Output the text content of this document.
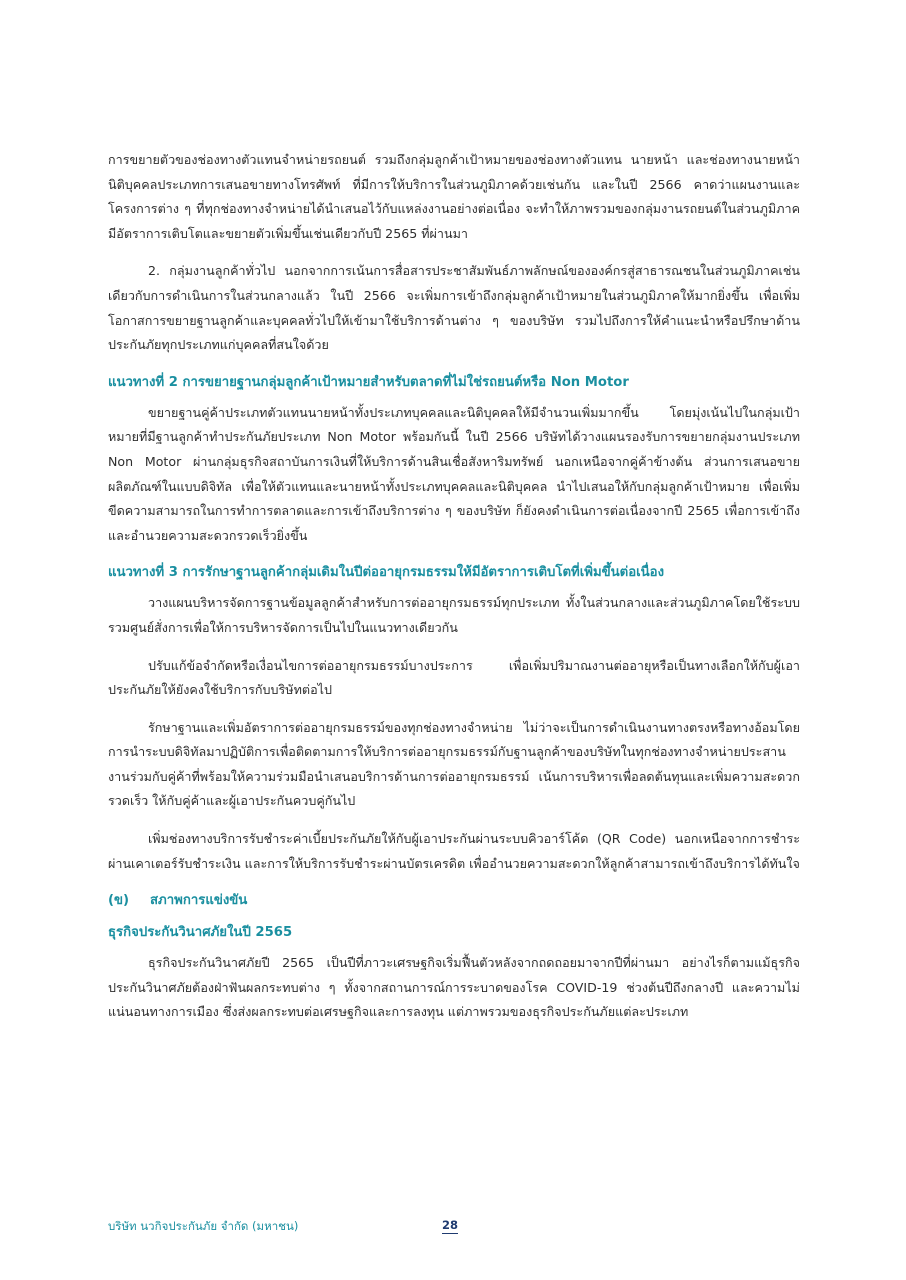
การขยายตัวของช่องทางตัวแทนจำหน่ายรถยนต์ รวมถึงกลุ่มลูกค้าเป้าหมายของช่องทางตัวแทน นายหน้า และช่องทางนายหน้านิติบุคคลประเภทการเสนอขายทางโทรศัพท์ ที่มีการให้บริการในส่วนภูมิภาคด้วยเช่นกัน และในปี 2566 คาดว่าแผนงานและโครงการต่าง ๆ ที่ทุกช่องทางจำหน่ายได้นำเสนอไว้กับแหล่งงานอย่างต่อเนื่อง จะทำให้ภาพรวมของกลุ่มงานรถยนต์ในส่วนภูมิภาค มีอัตราการเติบโตและขยายตัวเพิ่มขึ้นเช่นเดียวกับปี 2565 ที่ผ่านมา

2. กลุ่มงานลูกค้าทั่วไป นอกจากการเน้นการสื่อสารประชาสัมพันธ์ภาพลักษณ์ขององค์กรสู่สาธารณชนในส่วนภูมิภาคเช่นเดียวกับการดำเนินการในส่วนกลางแล้ว ในปี 2566 จะเพิ่มการเข้าถึงกลุ่มลูกค้าเป้าหมายในส่วนภูมิภาคให้มากยิ่งขึ้น เพื่อเพิ่มโอกาสการขยายฐานลูกค้าและบุคคลทั่วไปให้เข้ามาใช้บริการด้านต่าง ๆ ของบริษัท รวมไปถึงการให้คำแนะนำหรือปรึกษาด้านประกันภัยทุกประเภทแก่บุคคลที่สนใจด้วย

แนวทางที่ 2 การขยายฐานกลุ่มลูกค้าเป้าหมายสำหรับตลาดที่ไม่ใช่รถยนต์หรือ Non Motor

ขยายฐานคู่ค้าประเภทตัวแทนนายหน้าทั้งประเภทบุคคลและนิติบุคคลให้มีจำนวนเพิ่มมากขึ้น โดยมุ่งเน้นไปในกลุ่มเป้าหมายที่มีฐานลูกค้าทำประกันภัยประเภท Non Motor พร้อมกันนี้ ในปี 2566 บริษัทได้วางแผนรองรับการขยายกลุ่มงานประเภท Non Motor ผ่านกลุ่มธุรกิจสถาบันการเงินที่ให้บริการด้านสินเชื่อสังหาริมทรัพย์ นอกเหนือจากคู่ค้าข้างต้น ส่วนการเสนอขายผลิตภัณฑ์ในแบบดิจิทัล เพื่อให้ตัวแทนและนายหน้าทั้งประเภทบุคคลและนิติบุคคล นำไปเสนอให้กับกลุ่มลูกค้าเป้าหมาย เพื่อเพิ่มขีดความสามารถในการทำการตลาดและการเข้าถึงบริการต่าง ๆ ของบริษัท ก็ยังคงดำเนินการต่อเนื่องจากปี 2565 เพื่อการเข้าถึงและอำนวยความสะดวกรวดเร็วยิ่งขึ้น

แนวทางที่ 3 การรักษาฐานลูกค้ากลุ่มเดิมในปีต่ออายุกรมธรรมให้มีอัตราการเติบโตที่เพิ่มขึ้นต่อเนื่อง

วางแผนบริหารจัดการฐานข้อมูลลูกค้าสำหรับการต่ออายุกรมธรรม์ทุกประเภท ทั้งในส่วนกลางและส่วนภูมิภาคโดยใช้ระบบรวมศูนย์สั่งการเพื่อให้การบริหารจัดการเป็นไปในแนวทางเดียวกัน

ปรับแก้ข้อจำกัดหรือเงื่อนไขการต่ออายุกรมธรรม์บางประการ เพื่อเพิ่มปริมาณงานต่ออายุหรือเป็นทางเลือกให้กับผู้เอาประกันภัยให้ยังคงใช้บริการกับบริษัทต่อไป

รักษาฐานและเพิ่มอัตราการต่ออายุกรมธรรม์ของทุกช่องทางจำหน่าย ไม่ว่าจะเป็นการดำเนินงานทางตรงหรือทางอ้อมโดยการนำระบบดิจิทัลมาปฏิบัติการเพื่อติดตามการให้บริการต่ออายุกรมธรรม์กับฐานลูกค้าของบริษัทในทุกช่องทางจำหน่ายประสานงานร่วมกับคู่ค้าที่พร้อมให้ความร่วมมือนำเสนอบริการด้านการต่ออายุกรมธรรม์ เน้นการบริหารเพื่อลดต้นทุนและเพิ่มความสะดวก รวดเร็ว ให้กับคู่ค้าและผู้เอาประกันควบคู่กันไป

เพิ่มช่องทางบริการรับชำระค่าเบี้ยประกันภัยให้กับผู้เอาประกันผ่านระบบคิวอาร์โค้ด (QR Code) นอกเหนือจากการชำระผ่านเคาเตอร์รับชำระเงิน และการให้บริการรับชำระผ่านบัตรเครดิต เพื่ออำนวยความสะดวกให้ลูกค้าสามารถเข้าถึงบริการได้ทันใจ

(ข) สภาพการแข่งขัน
ธุรกิจประกันวินาศภัยในปี 2565

ธุรกิจประกันวินาศภัยปี 2565 เป็นปีที่ภาวะเศรษฐกิจเริ่มฟื้นตัวหลังจากถดถอยมาจากปีที่ผ่านมา อย่างไรก็ตามแม้ธุรกิจประกันวินาศภัยต้องฝ่าฟันผลกระทบต่าง ๆ ทั้งจากสถานการณ์การระบาดของโรค COVID-19 ช่วงต้นปีถึงกลางปี และความไม่แน่นอนทางการเมือง ซึ่งส่งผลกระทบต่อเศรษฐกิจและการลงทุน แต่ภาพรวมของธุรกิจประกันภัยแต่ละประเภท

บริษัท นวกิจประกันภัย จำกัด (มหาชน)	28
